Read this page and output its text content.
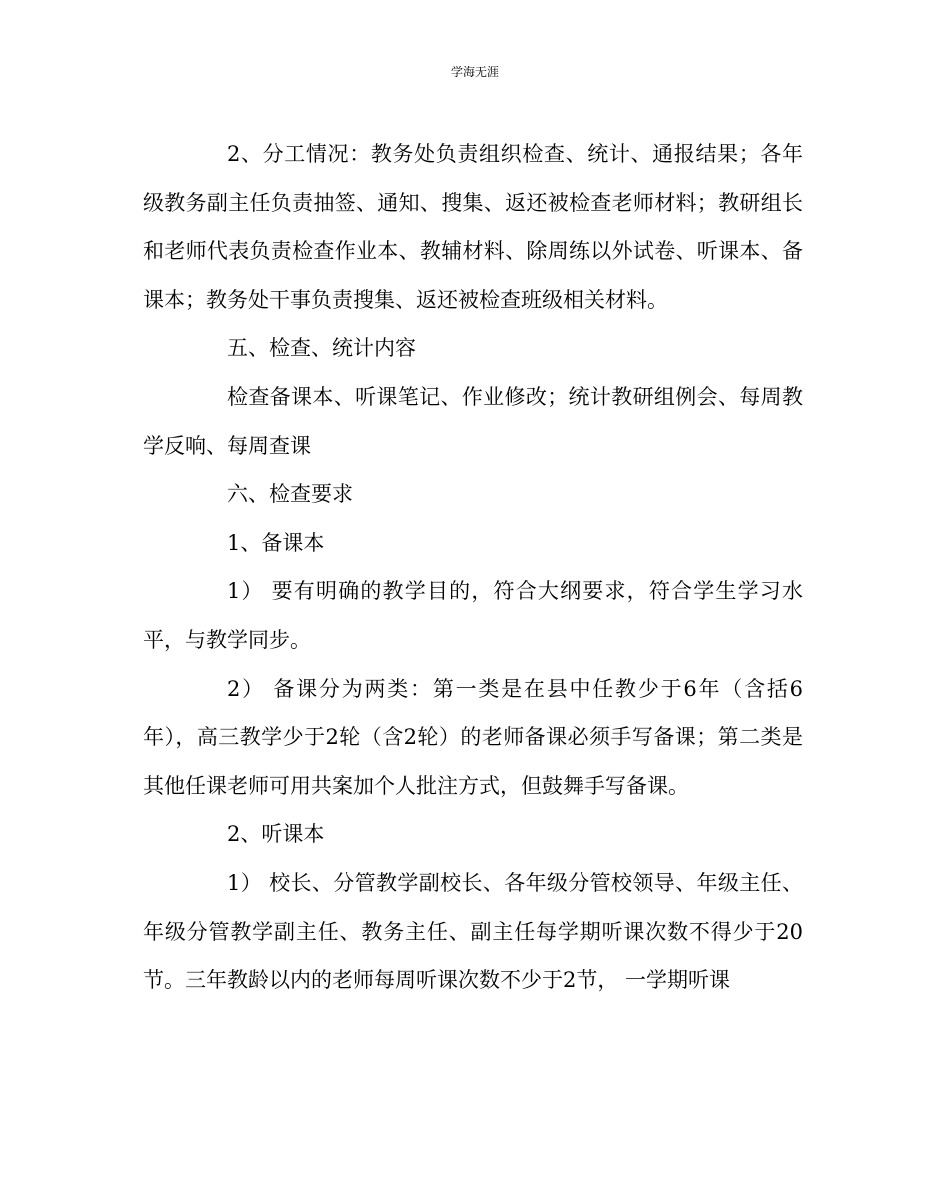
学海无涯

2、分工情况：教务处负责组织检查、统计、通报结果；各年级教务副主任负责抽签、通知、搜集、返还被检查老师材料；教研组长和老师代表负责检查作业本、教辅材料、除周练以外试卷、听课本、备课本；教务处干事负责搜集、返还被检查班级相关材料。

五、检查、统计内容

检查备课本、听课笔记、作业修改；统计教研组例会、每周教学反响、每周查课

六、检查要求

1、备课本

1） 要有明确的教学目的，符合大纲要求，符合学生学习水平，与教学同步。

2） 备课分为两类：第一类是在县中任教少于6年（含括6年），高三教学少于2轮（含2轮）的老师备课必须手写备课；第二类是其他任课老师可用共案加个人批注方式，但鼓舞手写备课。

2、听课本

1） 校长、分管教学副校长、各年级分管校领导、年级主任、年级分管教学副主任、教务主任、副主任每学期听课次数不得少于20节。三年教龄以内的老师每周听课次数不少于2节， 一学期听课
